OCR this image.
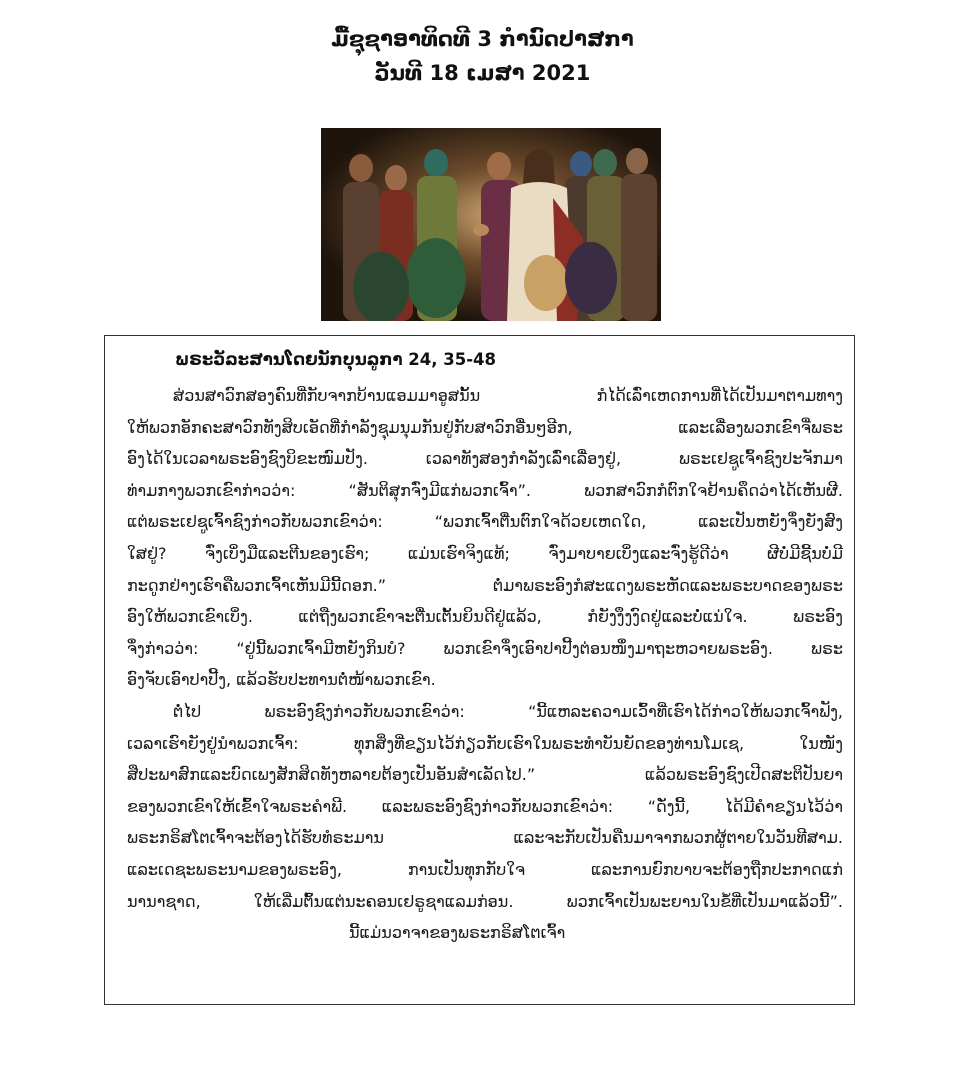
ມື້ຊຸຊາອາທິດທີ 3 ກໍານົດປາສກາ
ວັນທີ 18 ເມສາ 2021
ພຣະວັລະສານໂດຍນັກບຸນລູກາ 24, 35-48
ສ່ວນສາວົກສອງຄົນທີ່ກັບຈາກບ້ານແອມມາອູສນັ້ນ ກໍໄດ້ເລົ່າເຫດການທີ່ໄດ້ເປັນມາຕາມທາງ
ໃຫ້ພວກອັກຄະສາວົກທັງສິບເອັດທີ່ກໍາລັງຊຸມນຸມກັນຢູ່ກັບສາວົກອື່ນໆອີກ, ແລະເລື່ອງພວກເຂົາຈື່ພຣະ
ອົງໄດ້ໃນເວລາພຣະອົງຊົງບິຂະໜົມປັງ. ເວລາທັງສອງກໍາລັງເລົ່າເລື່ອງຢູ່, ພຣະເຢຊູເຈົ້າຊົງປະຈັກມາ
ທ່າມກາງພວກເຂົາກ່າວວ່າ: “ສັນຕິສຸກຈົ່ງມີແກ່ພວກເຈົ້າ”. ພວກສາວົກກໍຕົກໃຈຢ້ານຄຶດວ່າໄດ້ເຫັນຜີ.
ແຕ່ພຣະເຢຊູເຈົ້າຊົງກ່າວກັບພວກເຂົາວ່າ: “ພວກເຈົ້າຕື່ນຕົກໃຈດ້ວຍເຫດໃດ, ແລະເປັນຫຍັງຈຶ່ງຍັງສົງ
ໃສຢູ່? ຈົ່ງເບິ່ງມືແລະຕີນຂອງເຮົາ; ແມ່ນເຮົາຈິງແທ້; ຈົ່ງມາບາຍເບິ່ງແລະຈົ່ງຮູ້ດີວ່າ ຜີບໍ່ມີຊີ້ນບໍ່ມີ
ກະດູກຢ່າງເຮົາຄືພວກເຈົ້າເຫັນມີນີ້ດອກ.” ຕໍ່ມາພຣະອົງກໍສະແດງພຣະຫັດແລະພຣະບາດຂອງພຣະ
ອົງໃຫ້ພວກເຂົາເບິ່ງ. ແຕ່ຖືງພວກເຂົາຈະຕື່ນເຕັ້ນຍິນດີຢູ່ແລ້ວ, ກໍຍັງງຶງງົດຢູ່ແລະບໍ່ແນ່ໃຈ. ພຣະອົງ
ຈຶ່ງກ່າວວ່າ: “ຢູ່ນີ້ພວກເຈົ້າມີຫຍັງກິນບໍ? ພວກເຂົາຈຶ່ງເອົາປາປີ້ງຕ່ອນໜຶ່ງມາຖະຫວາຍພຣະອົງ. ພຣະ
ອົງຈັບເອົາປາປີ້ງ, ແລ້ວຮັບປະທານຕໍ່ໜ້າພວກເຂົາ.
ຕໍ່ໄປ ພຣະອົງຊົງກ່າວກັບພວກເຂົາວ່າ: “ນີ້ແຫລະຄວາມເວົ້າທີ່ເຮົາໄດ້ກ່າວໃຫ້ພວກເຈົ້າຟັງ,
ເວລາເຮົາຍັງຢູ່ນໍາພວກເຈົ້າ: ທຸກສິ່ງທີ່ຂຽນໄວ້ກ່ຽວກັບເຮົາໃນພຣະທໍາບັນຍັດຂອງທ່ານໂມເຊ, ໃນໜັງ
ສືປະພາສົກແລະບົດເພງສັກສິດທັງຫລາຍຕ້ອງເປັນອັນສໍາເລັດໄປ.” ແລ້ວພຣະອົງຊົງເປີດສະຕິປັນຍາ
ຂອງພວກເຂົາໃຫ້ເຂົ້າໃຈພຣະຄໍາພີ. ແລະພຣະອົງຊົງກ່າວກັບພວກເຂົາວ່າ: “ດັ່ງນີ້, ໄດ້ມີຄໍາຂຽນໄວ້ວ່າ
ພຣະກຣິສໂຕເຈົ້າຈະຕ້ອງໄດ້ຮັບທໍຣະມານ ແລະຈະກັບເປັນຄືນມາຈາກພວກຜູ້ຕາຍໃນວັນທີສາມ.
ແລະເດຊະພຣະນາມຂອງພຣະອົງ, ການເປັນທຸກກັບໃຈ ແລະການຍົກບາບຈະຕ້ອງຖືກປະກາດແກ່
ນານາຊາດ, ໃຫ້ເລີ່ມຕົ້ນແຕ່ນະຄອນເຢຣູຊາແລມກ່ອນ. ພວກເຈົ້າເປັນພະຍານໃນຂໍ້ທີ່ເປັນມາແລ້ວນີ້”.
ນີ້ແມ່ນວາຈາຂອງພຣະກຣິສໂຕເຈົ້າ
